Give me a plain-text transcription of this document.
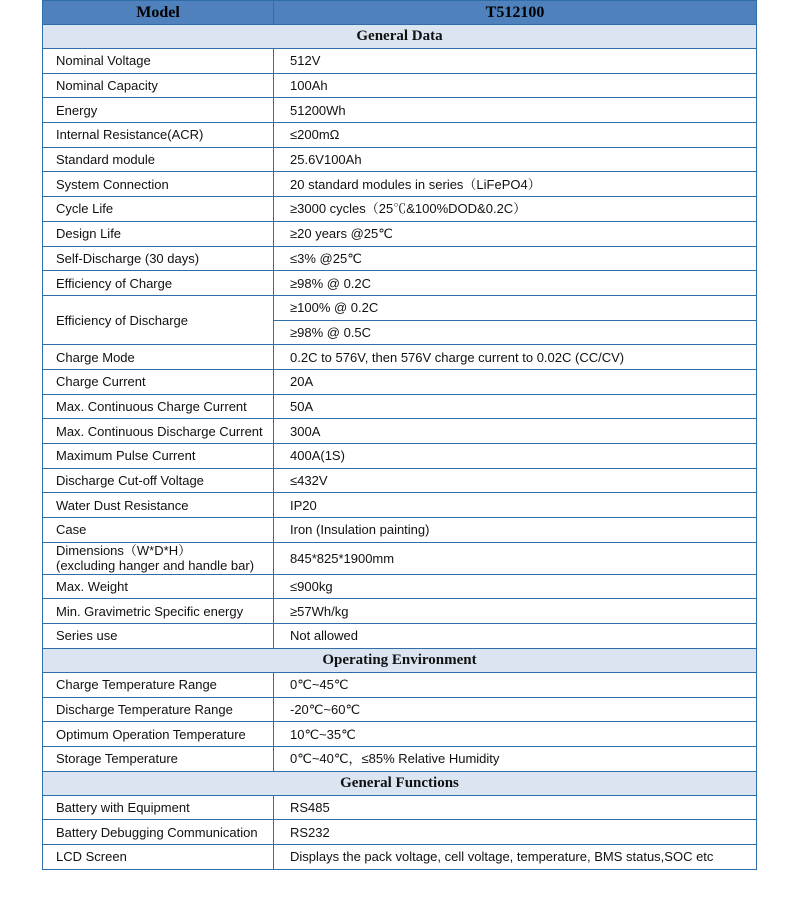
Model	T512100
General Data	
Nominal Voltage	512V
Nominal Capacity	100Ah
Energy	51200Wh
Internal Resistance(ACR)	≤200mΩ
Standard module	25.6V100Ah
System Connection	20 standard modules in series（LiFePO4）
Cycle Life	≥3000 cycles（25℃&100%DOD&0.2C）
Design Life	≥20 years @25℃
Self-Discharge (30 days)	≤3% @25℃
Efficiency of Charge	≥98% @ 0.2C
Efficiency of Discharge	≥100% @ 0.2C
	≥98% @ 0.5C
Charge Mode	0.2C to 576V, then 576V charge current to 0.02C (CC/CV)
Charge Current	20A
Max. Continuous Charge Current	50A
Max. Continuous Discharge Current	300A
Maximum Pulse Current	400A(1S)
Discharge Cut-off Voltage	≤432V
Water Dust Resistance	IP20
Case	Iron (Insulation painting)
Dimensions（W*D*H）
(excluding hanger and handle bar)	845*825*1900mm
Max. Weight	≤900kg
Min. Gravimetric Specific energy	≥57Wh/kg
Series use	Not allowed
Operating Environment	
Charge Temperature Range	0℃~45℃
Discharge Temperature Range	-20℃~60℃
Optimum Operation Temperature	10℃~35℃
Storage Temperature	0℃~40℃，≤85% Relative Humidity
General Functions	
Battery with Equipment	RS485
Battery Debugging Communication	RS232
LCD Screen	Displays the pack voltage, cell voltage, temperature, BMS status,SOC etc
